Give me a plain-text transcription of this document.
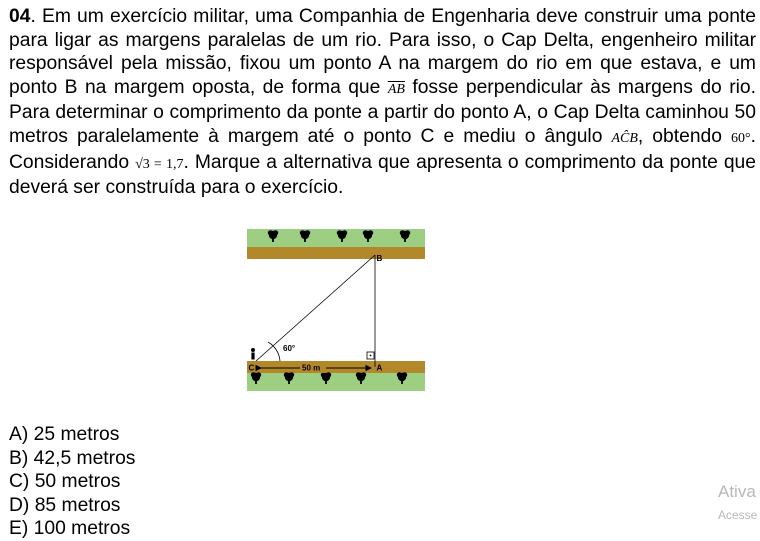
04. Em um exercício militar, uma Companhia de Engenharia deve construir uma ponte para ligar as margens paralelas de um rio. Para isso, o Cap Delta, engenheiro militar responsável pela missão, fixou um ponto A na margem do rio em que estava, e um ponto B na margem oposta, de forma que $\overline{AB}$ fosse perpendicular às margens do rio. Para determinar o comprimento da ponte a partir do ponto A, o Cap Delta caminhou 50 metros paralelamente à margem até o ponto C e mediu o ângulo AĈB, obtendo 60°. Considerando √3 = 1,7. Marque a alternativa que apresenta o comprimento da ponte que deverá ser construída para o exercício.

B
A
C
60°
50 m
A) 25 metros
B) 42,5 metros
C) 50 metros
D) 85 metros
E) 100 metros
Ativa
Acesse
